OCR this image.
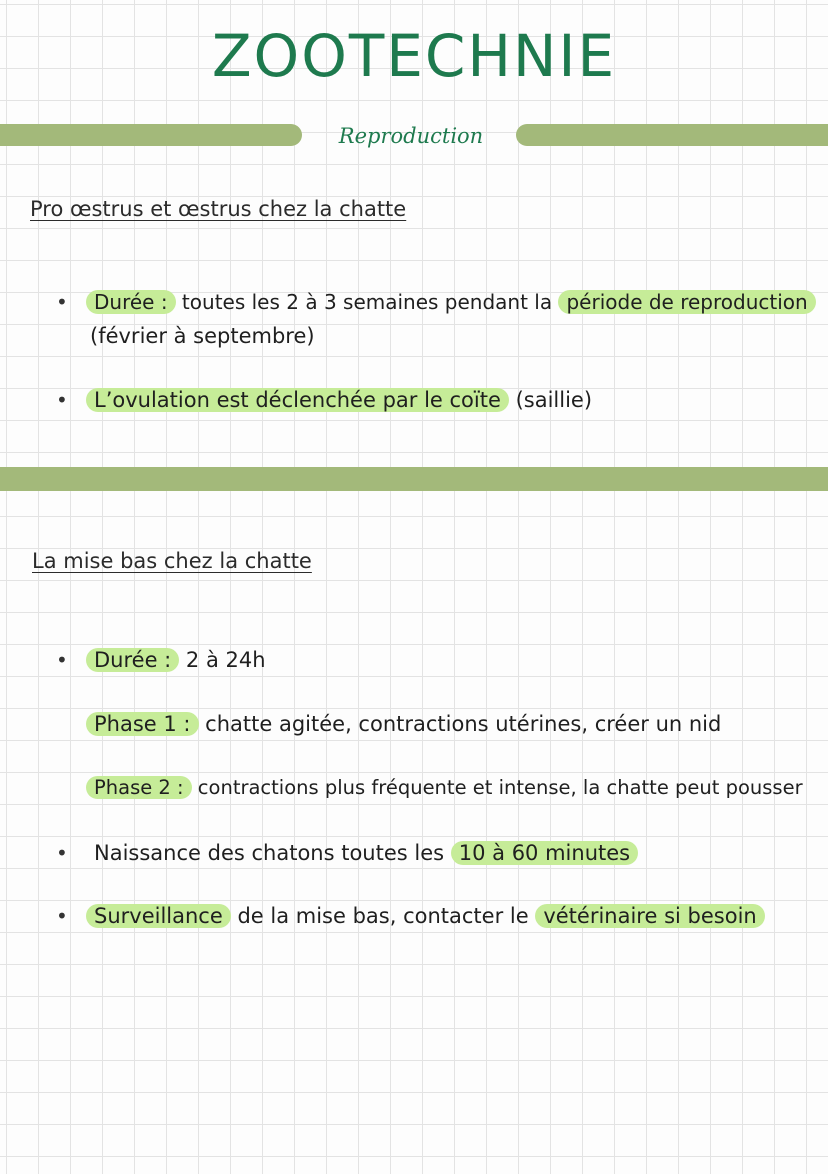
ZOOTECHNIE
Reproduction
Pro œstrus et œstrus chez la chatte
•	Durée : toutes les 2 à 3 semaines pendant la période de reproduction
(février à septembre)
•	L’ovulation est déclenchée par le coïte (saillie)
La mise bas chez la chatte
•	Durée : 2 à 24h
Phase 1 : chatte agitée, contractions utérines, créer un nid
Phase 2 : contractions plus fréquente et intense, la chatte peut pousser
• Naissance des chatons toutes les 10 à 60 minutes
•	Surveillance de la mise bas, contacter le vétérinaire si besoin
